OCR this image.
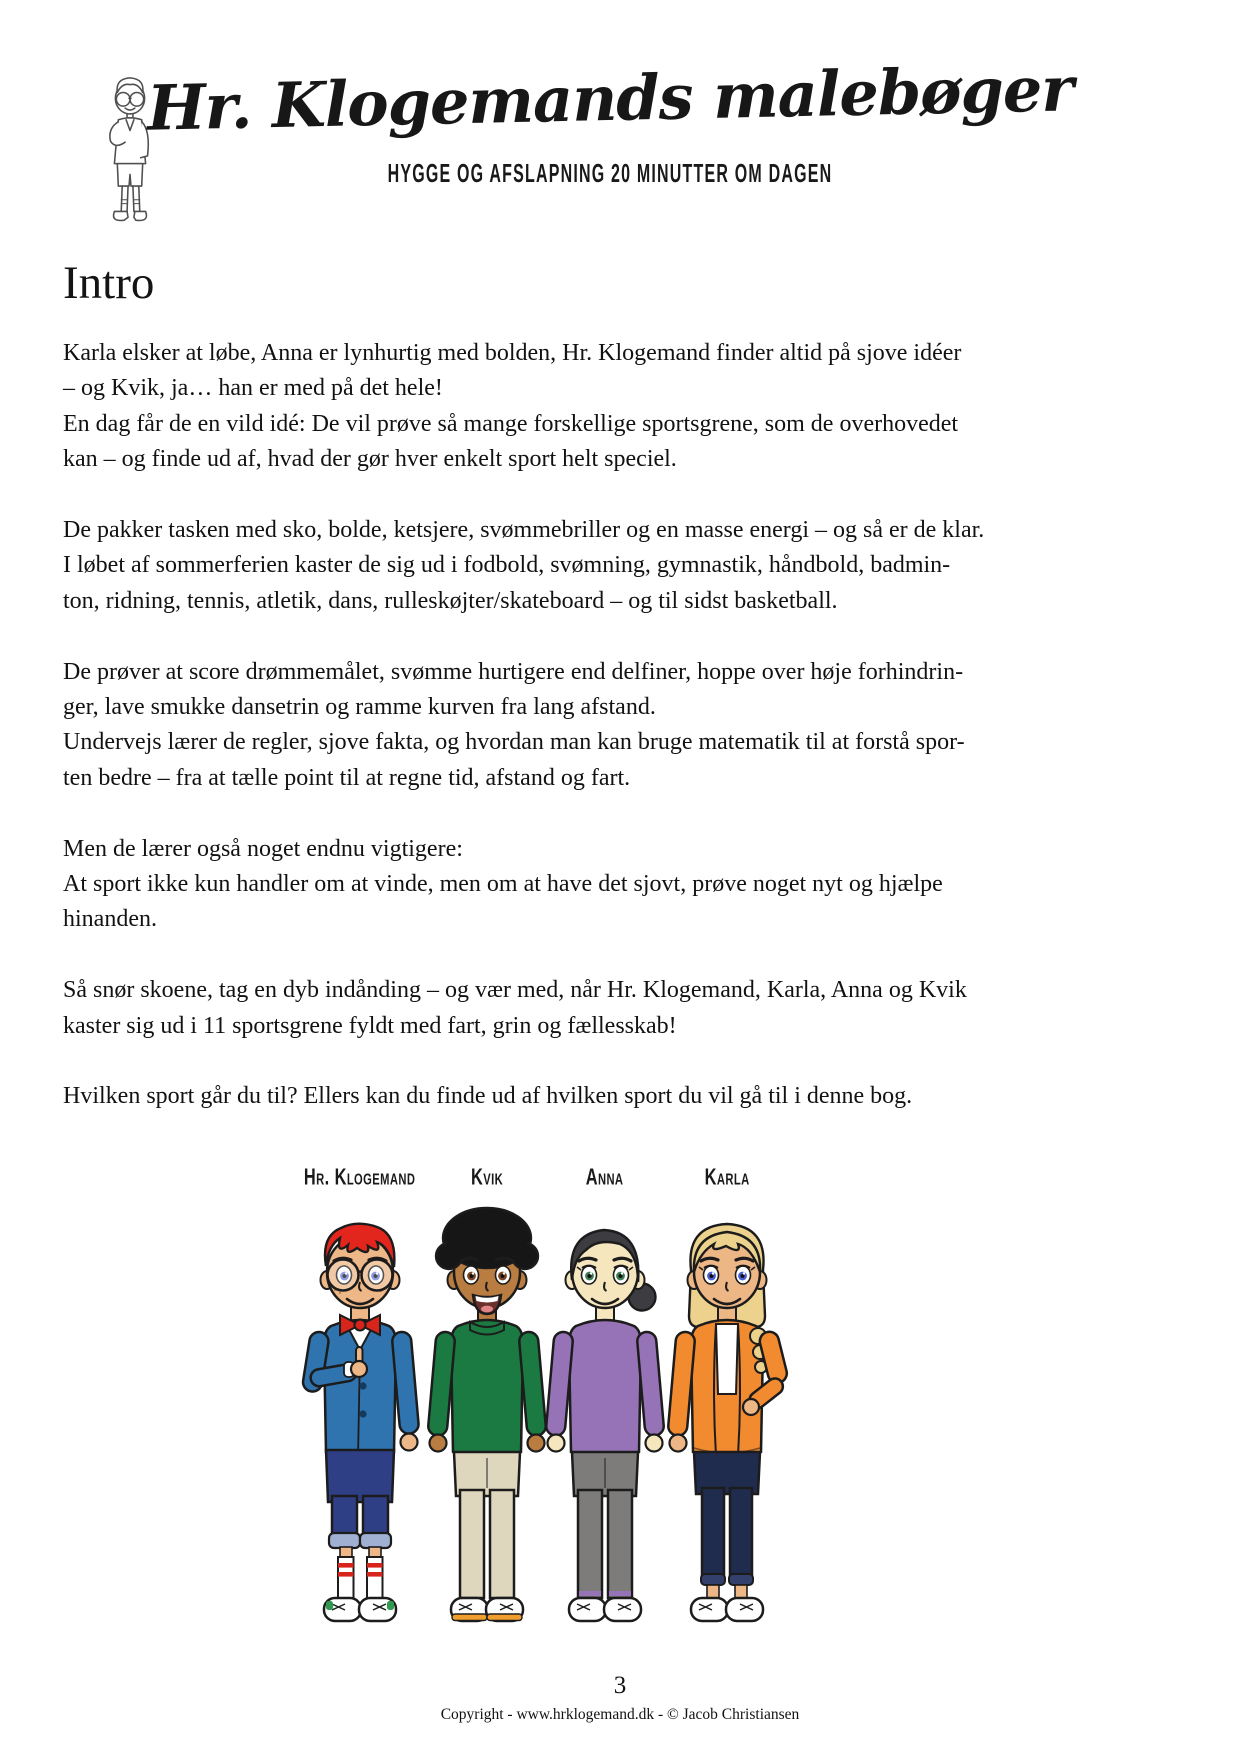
Hr. Klogemands malebøger
HYGGE OG AFSLAPNING 20 MINUTTER OM DAGEN
Intro
Karla elsker at løbe, Anna er lynhurtig med bolden, Hr. Klogemand finder altid på sjove idéer
– og Kvik, ja… han er med på det hele!
En dag får de en vild idé: De vil prøve så mange forskellige sportsgrene, som de overhovedet
kan – og finde ud af, hvad der gør hver enkelt sport helt speciel.
De pakker tasken med sko, bolde, ketsjere, svømmebriller og en masse energi – og så er de klar.
I løbet af sommerferien kaster de sig ud i fodbold, svømning, gymnastik, håndbold, badmin-
ton, ridning, tennis, atletik, dans, rulleskøjter/skateboard – og til sidst basketball.
De prøver at score drømmemålet, svømme hurtigere end delfiner, hoppe over høje forhindrin-
ger, lave smukke dansetrin og ramme kurven fra lang afstand.
Undervejs lærer de regler, sjove fakta, og hvordan man kan bruge matematik til at forstå spor-
ten bedre – fra at tælle point til at regne tid, afstand og fart.
Men de lærer også noget endnu vigtigere:
At sport ikke kun handler om at vinde, men om at have det sjovt, prøve noget nyt og hjælpe
hinanden.
Så snør skoene, tag en dyb indånding – og vær med, når Hr. Klogemand, Karla, Anna og Kvik
kaster sig ud i 11 sportsgrene fyldt med fart, grin og fællesskab!
Hvilken sport går du til? Ellers kan du finde ud af hvilken sport du vil gå til i denne bog.
Hr. Klogemand	Kvik	Anna	Karla
3
Copyright - www.hrklogemand.dk - © Jacob Christiansen
